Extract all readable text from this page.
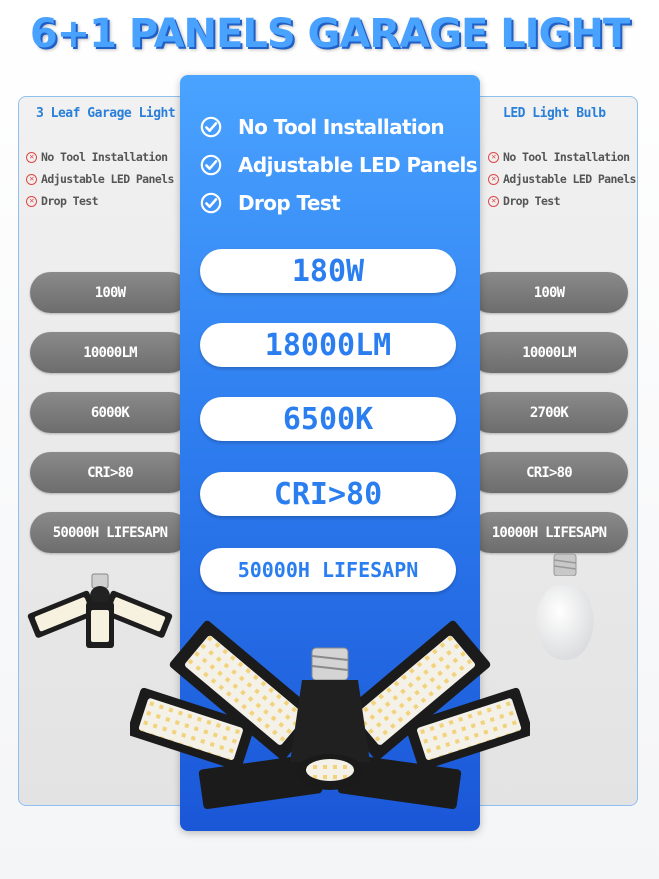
6+1 PANELS GARAGE LIGHT
3 Leaf Garage Light
✕ No Tool Installation
✕ Adjustable LED Panels
✕ Drop Test
100W
10000LM
6000K
CRI>80
50000H LIFESAPN
LED Light Bulb
✕ No Tool Installation
✕ Adjustable LED Panels
✕ Drop Test
100W
10000LM
2700K
CRI>80
10000H LIFESAPN
No Tool Installation
Adjustable LED Panels
Drop Test
180W
18000LM
6500K
CRI>80
50000H LIFESAPN
